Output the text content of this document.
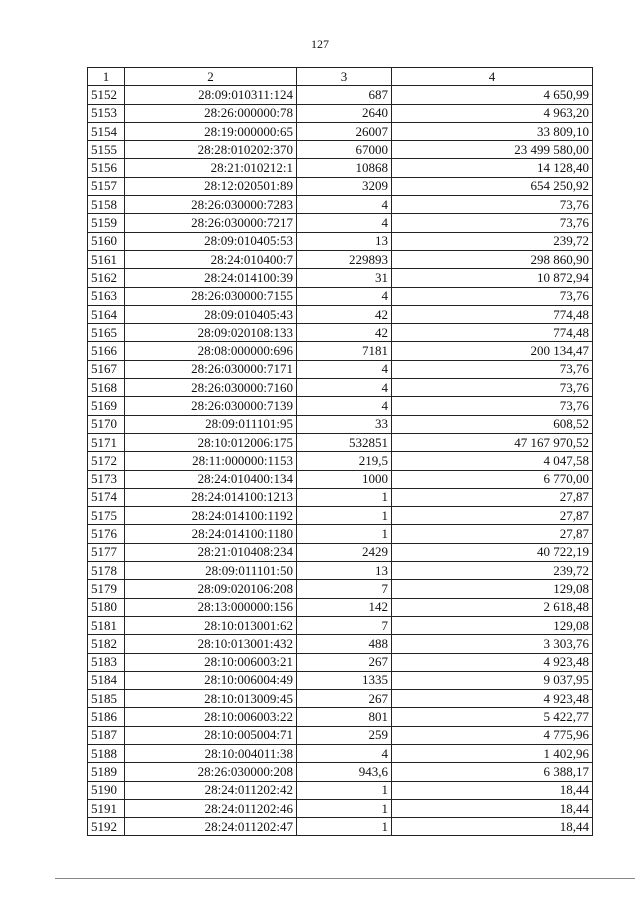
127
1	2	3	4
5152	28:09:010311:124	687	4 650,99
5153	28:26:000000:78	2640	4 963,20
5154	28:19:000000:65	26007	33 809,10
5155	28:28:010202:370	67000	23 499 580,00
5156	28:21:010212:1	10868	14 128,40
5157	28:12:020501:89	3209	654 250,92
5158	28:26:030000:7283	4	73,76
5159	28:26:030000:7217	4	73,76
5160	28:09:010405:53	13	239,72
5161	28:24:010400:7	229893	298 860,90
5162	28:24:014100:39	31	10 872,94
5163	28:26:030000:7155	4	73,76
5164	28:09:010405:43	42	774,48
5165	28:09:020108:133	42	774,48
5166	28:08:000000:696	7181	200 134,47
5167	28:26:030000:7171	4	73,76
5168	28:26:030000:7160	4	73,76
5169	28:26:030000:7139	4	73,76
5170	28:09:011101:95	33	608,52
5171	28:10:012006:175	532851	47 167 970,52
5172	28:11:000000:1153	219,5	4 047,58
5173	28:24:010400:134	1000	6 770,00
5174	28:24:014100:1213	1	27,87
5175	28:24:014100:1192	1	27,87
5176	28:24:014100:1180	1	27,87
5177	28:21:010408:234	2429	40 722,19
5178	28:09:011101:50	13	239,72
5179	28:09:020106:208	7	129,08
5180	28:13:000000:156	142	2 618,48
5181	28:10:013001:62	7	129,08
5182	28:10:013001:432	488	3 303,76
5183	28:10:006003:21	267	4 923,48
5184	28:10:006004:49	1335	9 037,95
5185	28:10:013009:45	267	4 923,48
5186	28:10:006003:22	801	5 422,77
5187	28:10:005004:71	259	4 775,96
5188	28:10:004011:38	4	1 402,96
5189	28:26:030000:208	943,6	6 388,17
5190	28:24:011202:42	1	18,44
5191	28:24:011202:46	1	18,44
5192	28:24:011202:47	1	18,44
